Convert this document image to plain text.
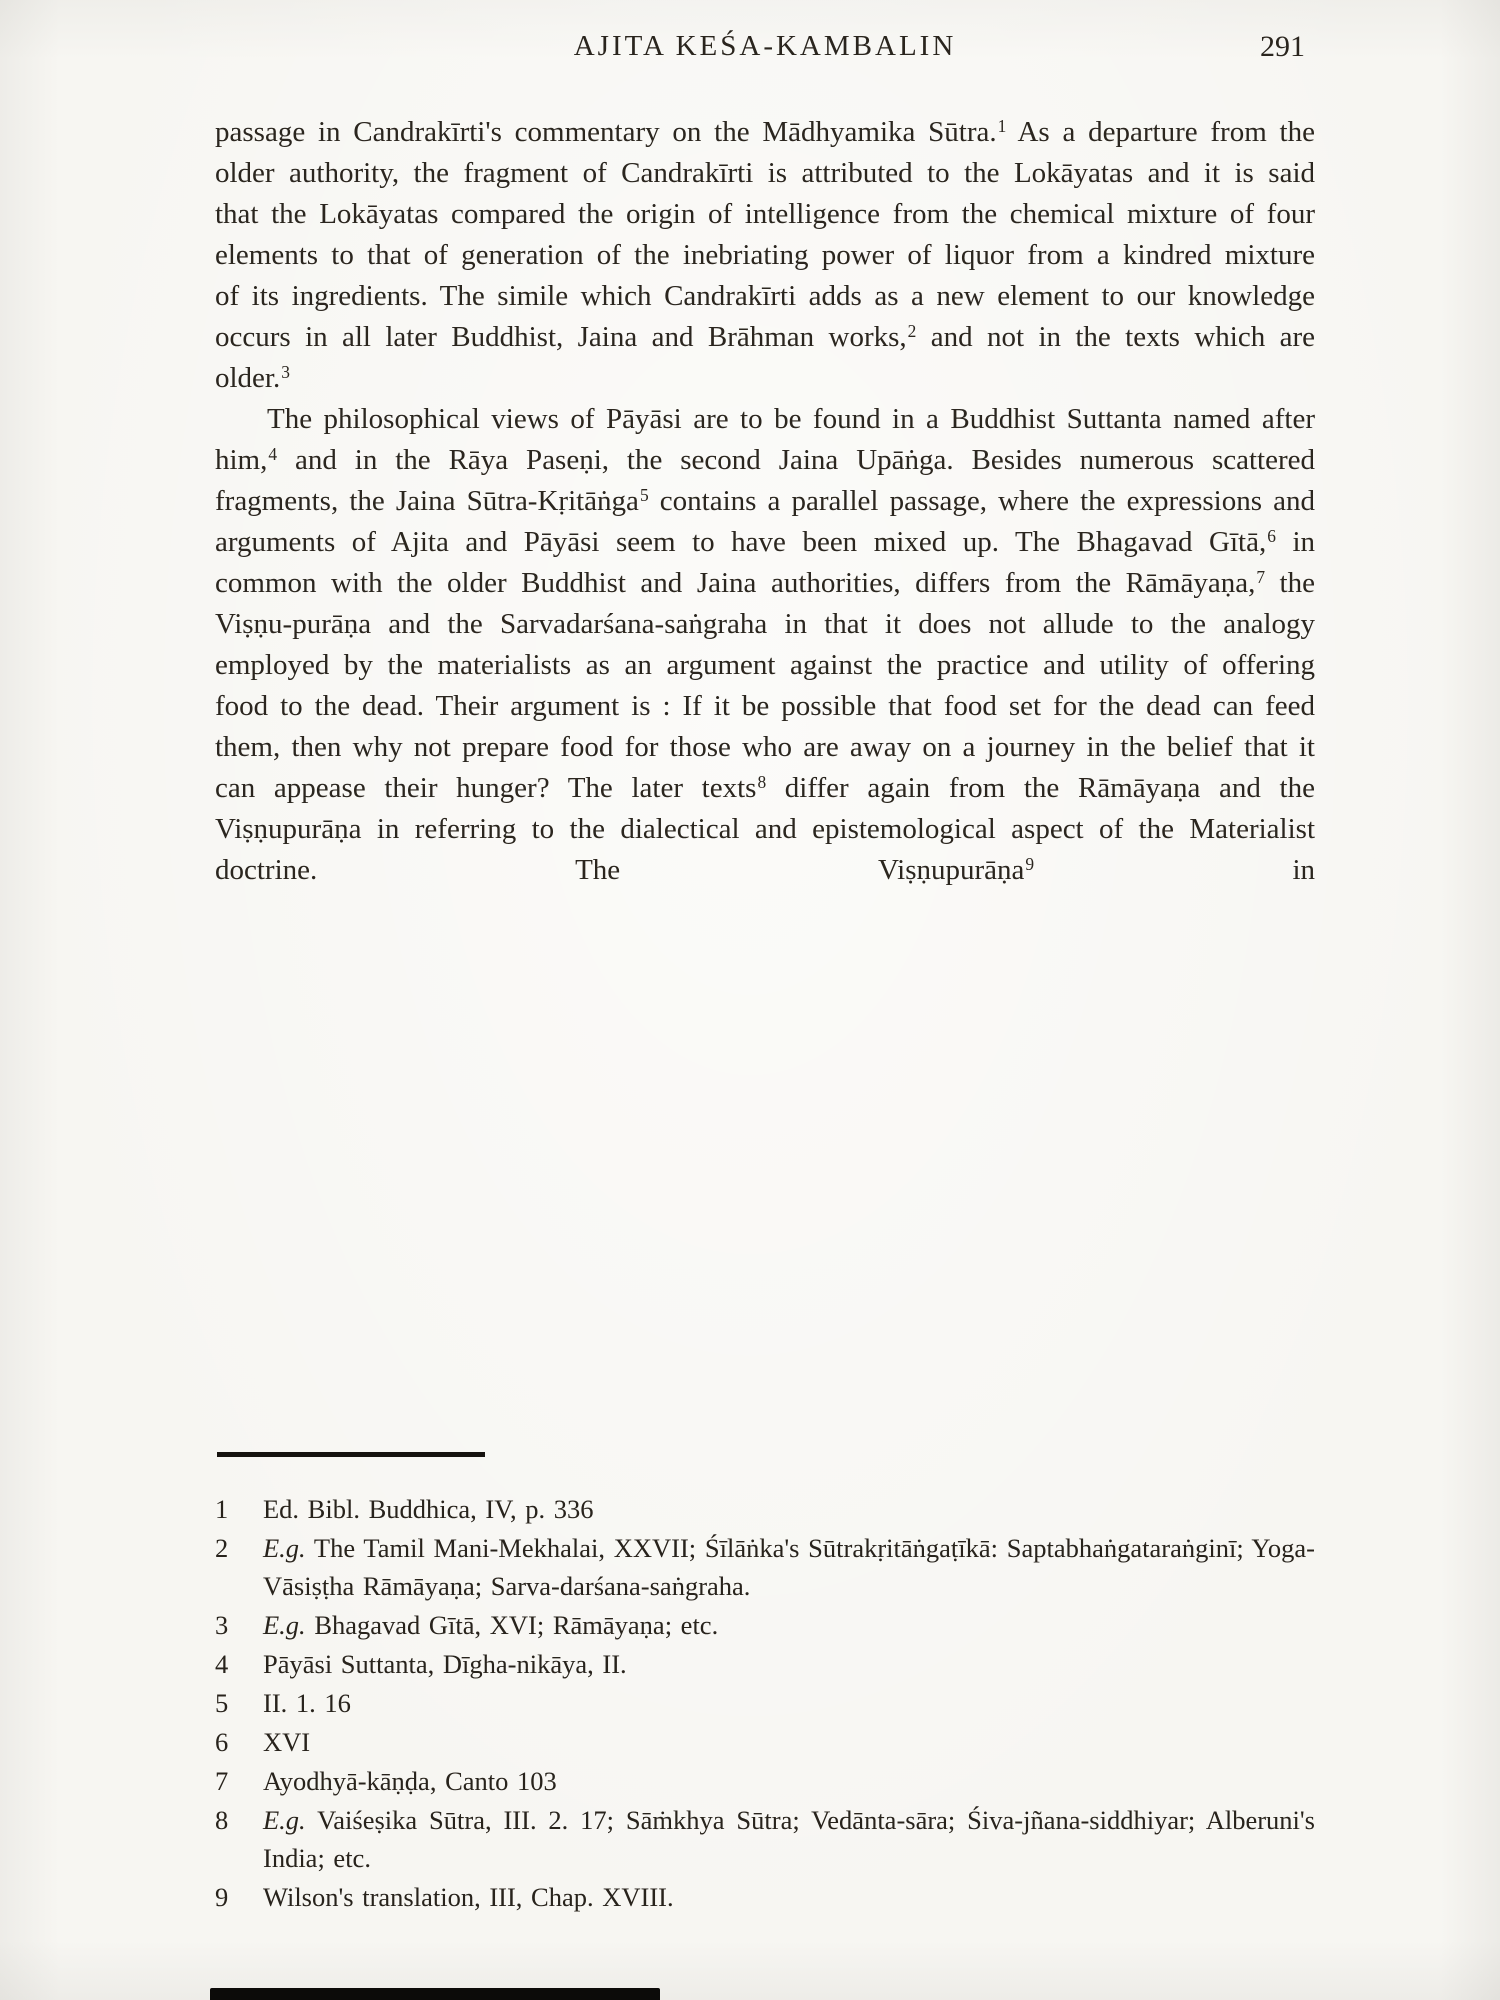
AJITA KEŚA-KAMBALIN	291

passage in Candrakīrti's commentary on the Mādhyamika Sūtra.$^1$ As a departure from the older authority, the fragment of Candrakīrti is attributed to the Lokāyatas and it is said that the Lokāyatas compared the origin of intelligence from the chemical mixture of four elements to that of generation of the inebriating power of liquor from a kindred mixture of its ingredients. The simile which Candrakīrti adds as a new element to our knowledge occurs in all later Buddhist, Jaina and Brāhman works,$^2$ and not in the texts which are older.$^3$

The philosophical views of Pāyāsi are to be found in a Buddhist Suttanta named after him,$^4$ and in the Rāya Paseṇi, the second Jaina Upāṅga. Besides numerous scattered fragments, the Jaina Sūtra-Kṛitāṅga$^5$ contains a parallel passage, where the expressions and arguments of Ajita and Pāyāsi seem to have been mixed up. The Bhagavad Gītā,$^6$ in common with the older Buddhist and Jaina authorities, differs from the Rāmāyaṇa,$^7$ the Viṣṇu-purāṇa and the Sarvadarśana-saṅgraha in that it does not allude to the analogy employed by the materialists as an argument against the practice and utility of offering food to the dead. Their argument is : If it be possible that food set for the dead can feed them, then why not prepare food for those who are away on a journey in the belief that it can appease their hunger? The later texts$^8$ differ again from the Rāmāyaṇa and the Viṣṇupurāṇa in referring to the dialectical and epistemological aspect of the Materialist doctrine. The Viṣṇupurāṇa$^9$ in

1	Ed. Bibl. Buddhica, IV, p. 336
2	E.g. The Tamil Mani-Mekhalai, XXVII; Śīlāṅka's Sūtrakṛitāṅgaṭīkā: Saptabhaṅgataraṅginī; Yoga-Vāsiṣṭha Rāmāyaṇa; Sarva-darśana-saṅgraha.
3	E.g. Bhagavad Gītā, XVI; Rāmāyaṇa; etc.
4	Pāyāsi Suttanta, Dīgha-nikāya, II.
5	II. 1. 16
6	XVI
7	Ayodhyā-kāṇḍa, Canto 103
8	E.g. Vaiśeṣika Sūtra, III. 2. 17; Sāṁkhya Sūtra; Vedānta-sāra; Śiva-jñana-siddhiyar; Alberuni's India; etc.
9	Wilson's translation, III, Chap. XVIII.
